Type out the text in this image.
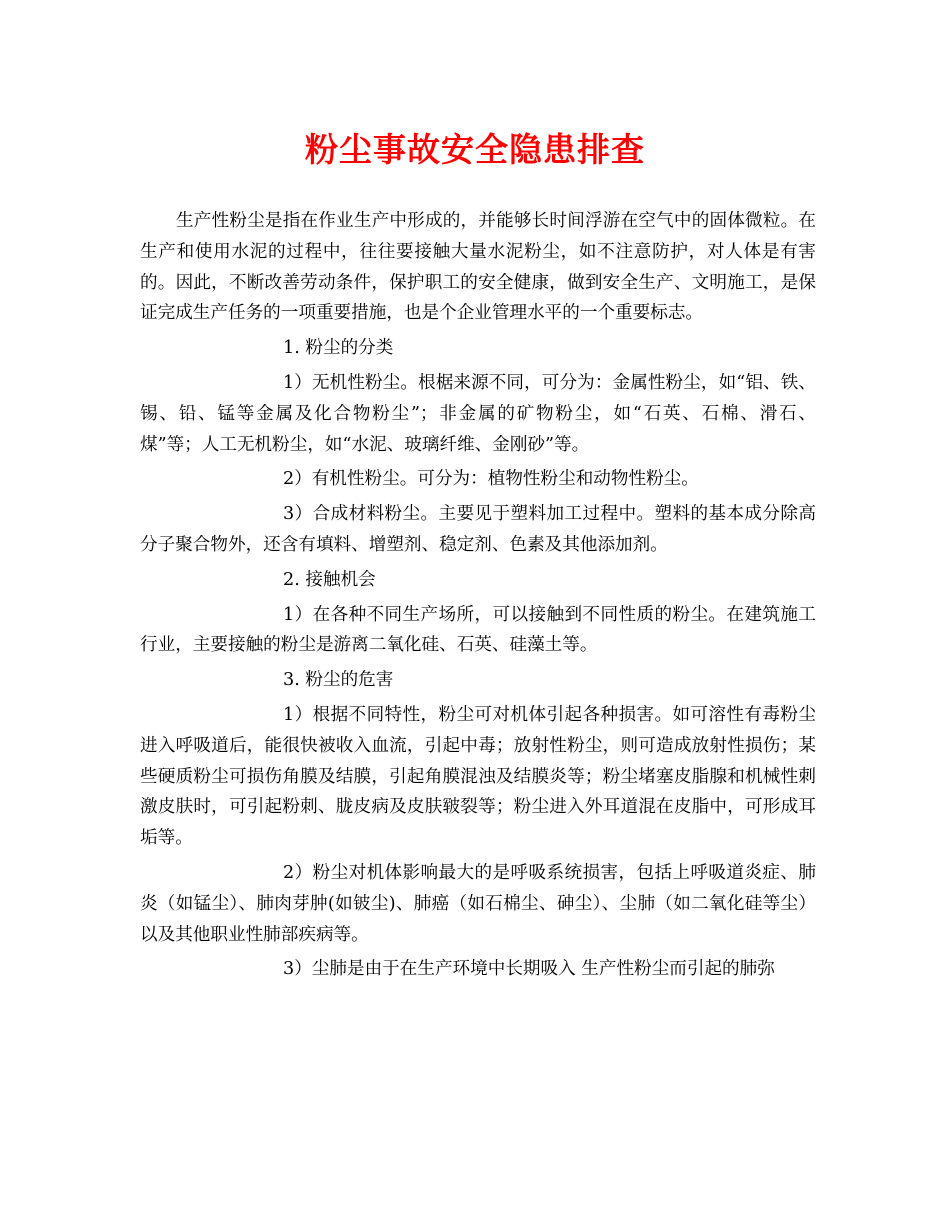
粉尘事故安全隐患排查

生产性粉尘是指在作业生产中形成的，并能够长时间浮游在空气中的固体微粒。在生产和使用水泥的过程中，往往要接触大量水泥粉尘，如不注意防护，对人体是有害的。因此，不断改善劳动条件，保护职工的安全健康，做到安全生产、文明施工，是保证完成生产任务的一项重要措施，也是个企业管理水平的一个重要标志。

1. 粉尘的分类

1）无机性粉尘。根椐来源不同，可分为：金属性粉尘，如“铝、铁、锡、铅、锰等金属及化合物粉尘”；非金属的矿物粉尘，如“石英、石棉、滑石、煤”等；人工无机粉尘，如“水泥、玻璃纤维、金刚砂”等。

2）有机性粉尘。可分为：植物性粉尘和动物性粉尘。

3）合成材料粉尘。主要见于塑料加工过程中。塑料的基本成分除高分子聚合物外，还含有填料、增塑剂、稳定剂、色素及其他添加剂。

2. 接触机会

1）在各种不同生产场所，可以接触到不同性质的粉尘。在建筑施工行业，主要接触的粉尘是游离二氧化硅、石英、硅藻土等。

3. 粉尘的危害

1）根据不同特性，粉尘可对机体引起各种损害。如可溶性有毒粉尘进入呼吸道后，能很快被收入血流，引起中毒；放射性粉尘，则可造成放射性损伤；某些硬质粉尘可损伤角膜及结膜，引起角膜混浊及结膜炎等；粉尘堵塞皮脂腺和机械性刺激皮肤时，可引起粉刺、胧皮病及皮肤皲裂等；粉尘进入外耳道混在皮脂中，可形成耳垢等。

2）粉尘对机体影响最大的是呼吸系统损害，包括上呼吸道炎症、肺炎（如锰尘）、肺肉芽肿(如铍尘)、肺癌（如石棉尘、砷尘）、尘肺（如二氧化硅等尘）以及其他职业性肺部疾病等。

3）尘肺是由于在生产环境中长期吸入 生产性粉尘而引起的肺弥
